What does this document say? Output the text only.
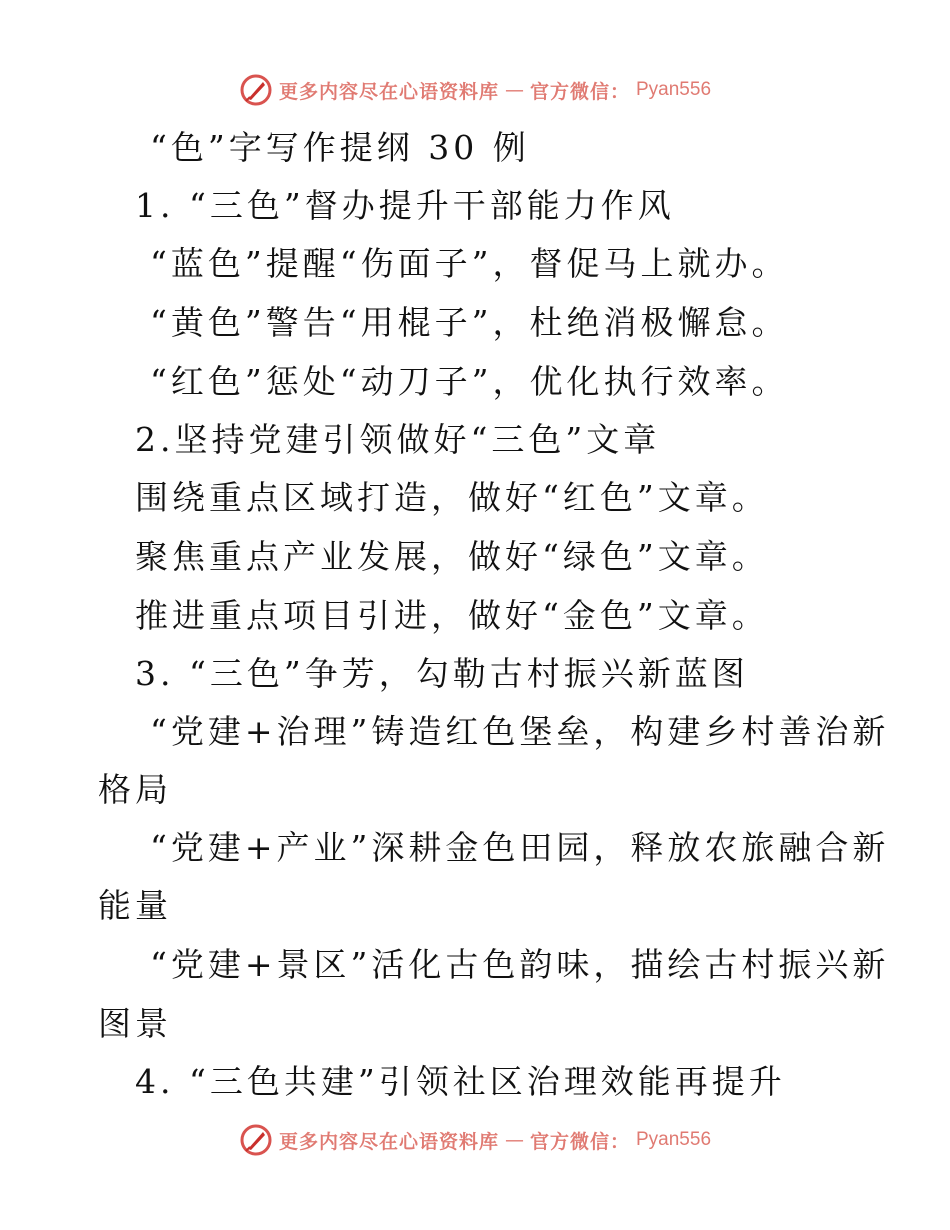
更多内容尽在心语资料库 — 官方微信： Pyan556
“色”字写作提纲 30 例
1. “三色”督办提升干部能力作风
“蓝色”提醒“伤面子”，督促马上就办。
“黄色”警告“用棍子”，杜绝消极懈怠。
“红色”惩处“动刀子”，优化执行效率。
2.坚持党建引领做好“三色”文章
围绕重点区域打造，做好“红色”文章。
聚焦重点产业发展，做好“绿色”文章。
推进重点项目引进，做好“金色”文章。
3. “三色”争芳，勾勒古村振兴新蓝图
“党建+治理”铸造红色堡垒，构建乡村善治新
格局
“党建+产业”深耕金色田园，释放农旅融合新
能量
“党建+景区”活化古色韵味，描绘古村振兴新
图景
4. “三色共建”引领社区治理效能再提升
更多内容尽在心语资料库 — 官方微信： Pyan556
